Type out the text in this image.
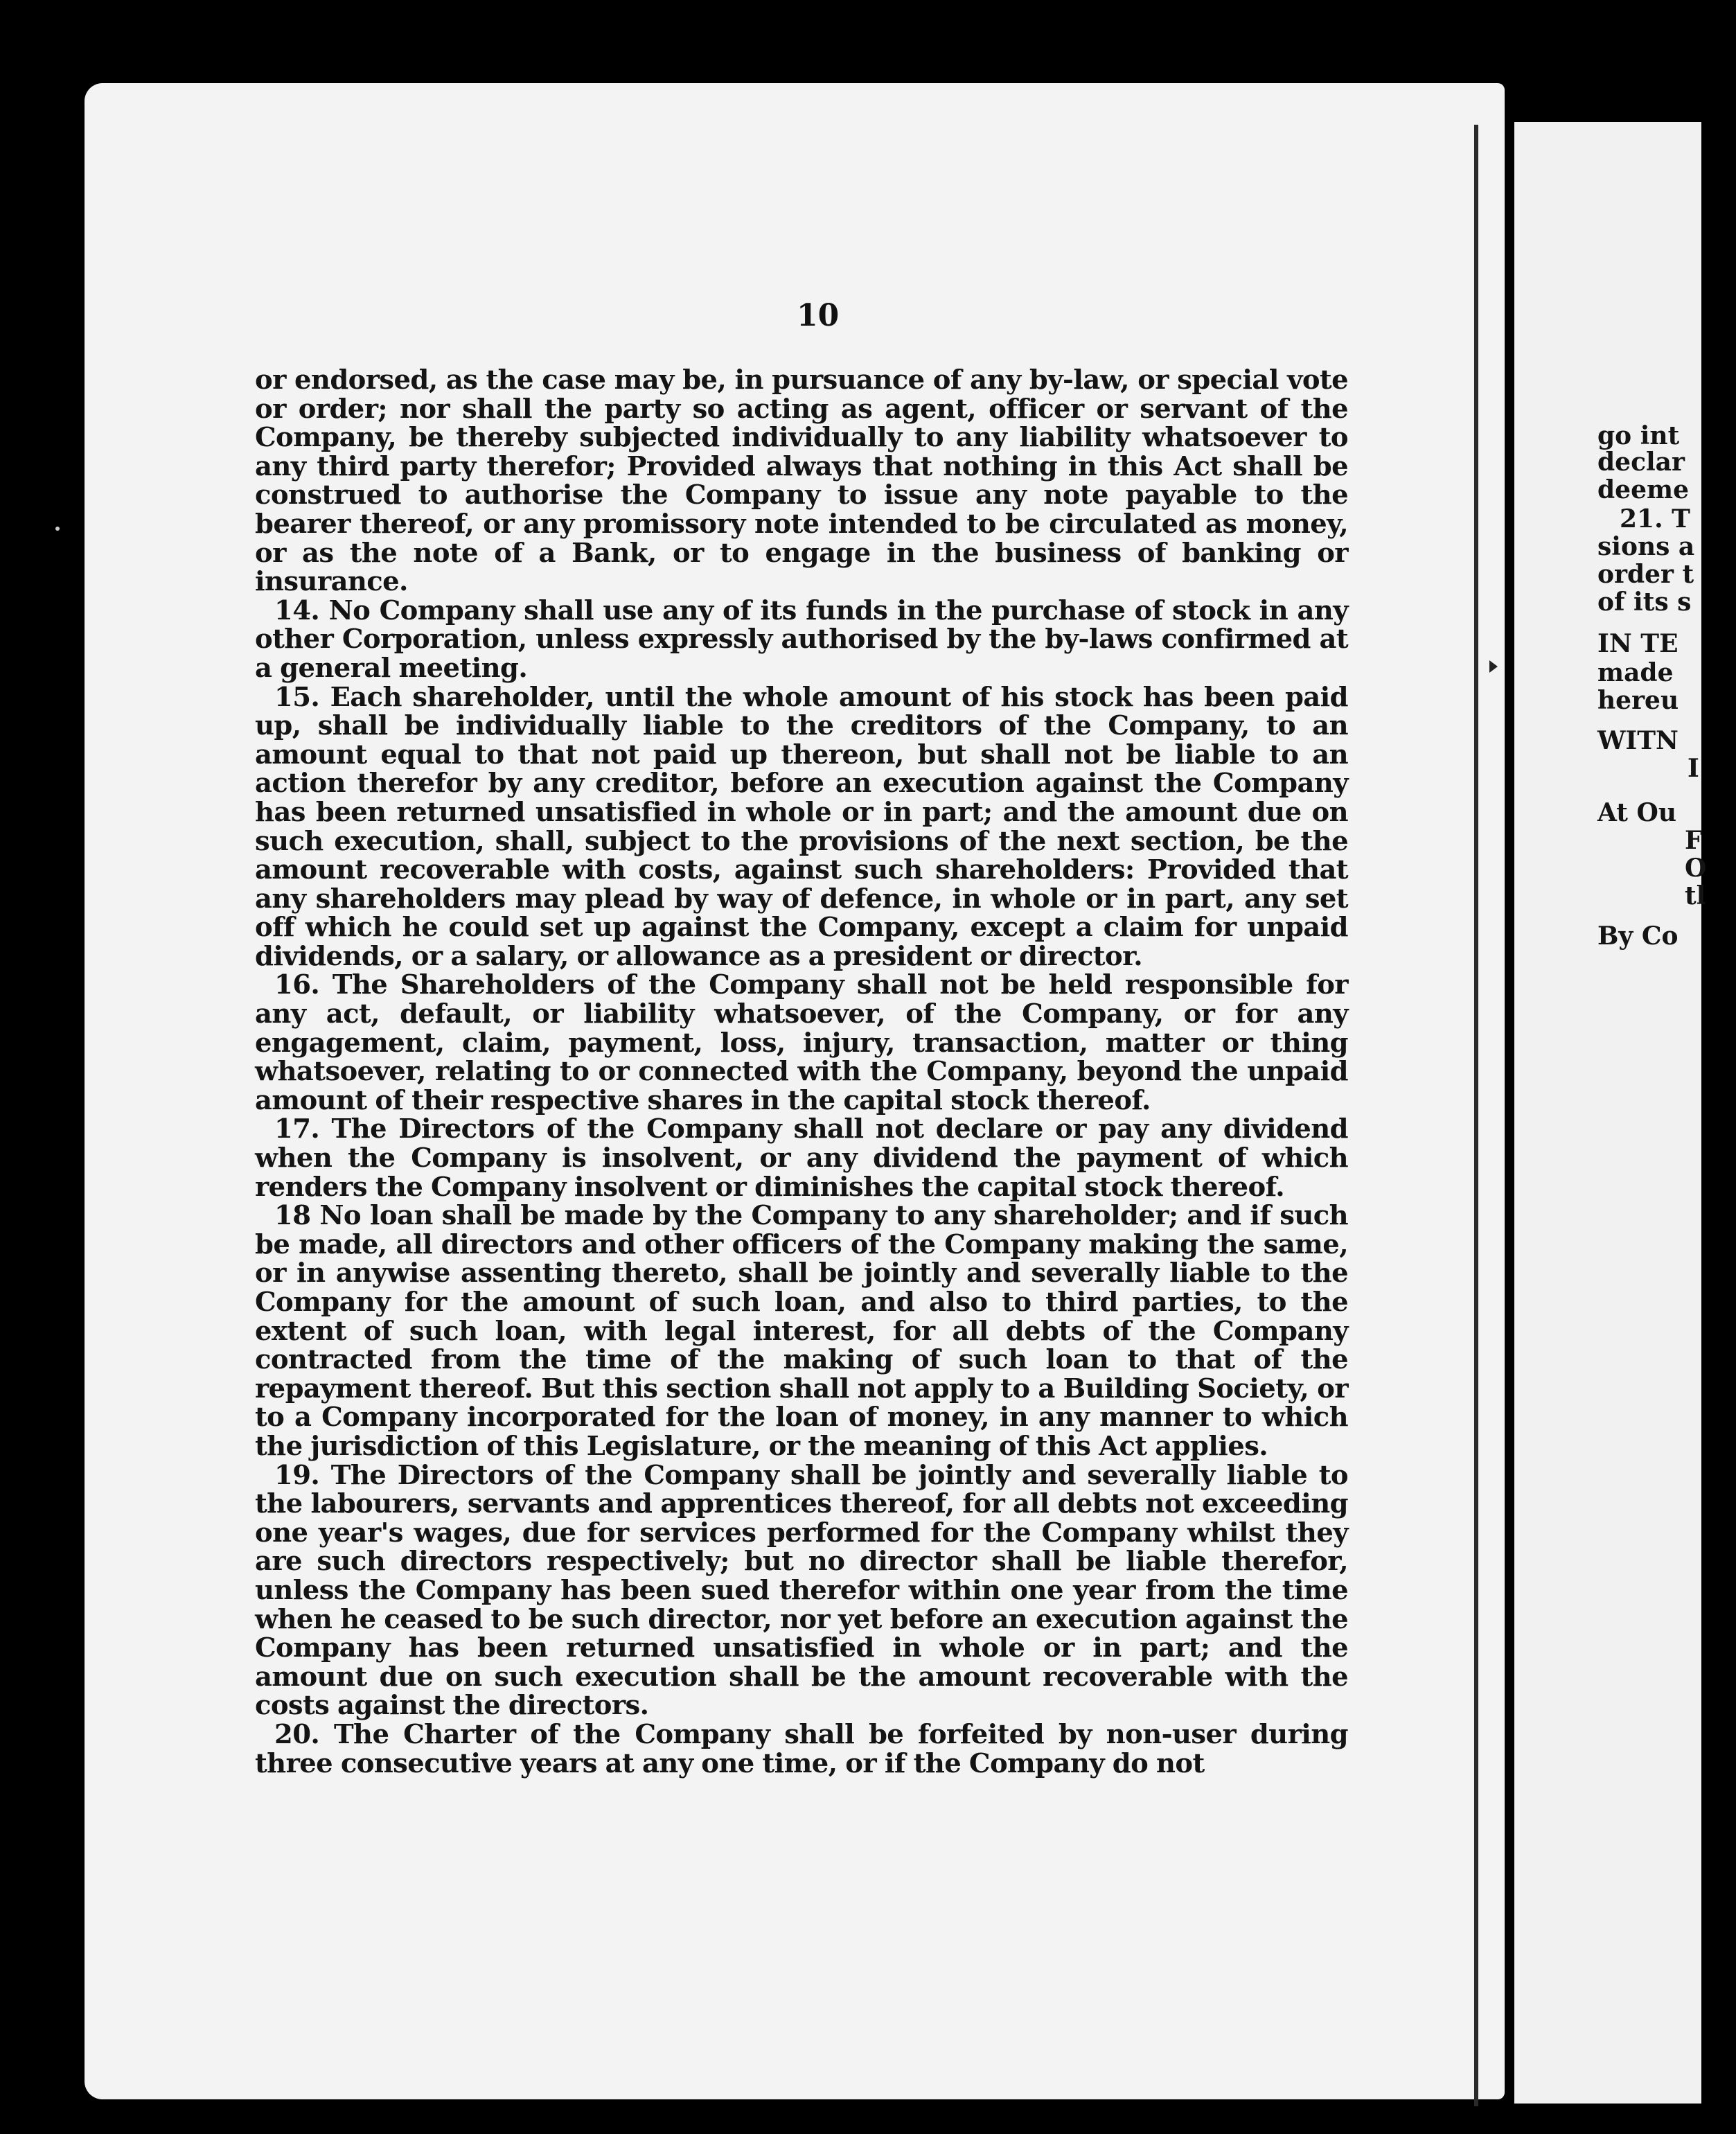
10

or endorsed, as the case may be, in pursuance of any by-law, or special vote or order; nor shall the party so acting as agent, officer or servant of the Company, be thereby subjected individually to any liability whatsoever to any third party therefor; Provided always that nothing in this Act shall be construed to authorise the Company to issue any note payable to the bearer thereof, or any promissory note intended to be circulated as money, or as the note of a Bank, or to engage in the business of banking or insurance.

14. No Company shall use any of its funds in the purchase of stock in any other Corporation, unless expressly authorised by the by-laws confirmed at a general meeting.

15. Each shareholder, until the whole amount of his stock has been paid up, shall be individually liable to the creditors of the Company, to an amount equal to that not paid up thereon, but shall not be liable to an action therefor by any creditor, before an execution against the Company has been returned unsatisfied in whole or in part; and the amount due on such execution, shall, subject to the provisions of the next section, be the amount recoverable with costs, against such shareholders: Provided that any shareholders may plead by way of defence, in whole or in part, any set off which he could set up against the Company, except a claim for unpaid dividends, or a salary, or allowance as a president or director.

16. The Shareholders of the Company shall not be held responsible for any act, default, or liability whatsoever, of the Company, or for any engagement, claim, payment, loss, injury, transaction, matter or thing whatsoever, relating to or connected with the Company, beyond the unpaid amount of their respective shares in the capital stock thereof.

17. The Directors of the Company shall not declare or pay any dividend when the Company is insolvent, or any dividend the payment of which renders the Company insolvent or diminishes the capital stock thereof.

18 No loan shall be made by the Company to any shareholder; and if such be made, all directors and other officers of the Company making the same, or in anywise assenting thereto, shall be jointly and severally liable to the Company for the amount of such loan, and also to third parties, to the extent of such loan, with legal interest, for all debts of the Company contracted from the time of the making of such loan to that of the repayment thereof. But this section shall not apply to a Building Society, or to a Company incorporated for the loan of money, in any manner to which the jurisdiction of this Legislature, or the meaning of this Act applies.

19. The Directors of the Company shall be jointly and severally liable to the labourers, servants and apprentices thereof, for all debts not exceeding one year's wages, due for services performed for the Company whilst they are such directors respectively; but no director shall be liable therefor, unless the Company has been sued therefor within one year from the time when he ceased to be such director, nor yet before an execution against the Company has been returned unsatisfied in whole or in part; and the amount due on such execution shall be the amount recoverable with the costs against the directors.

20. The Charter of the Company shall be forfeited by non-user during three consecutive years at any one time, or if the Company do not

go int
declar
deeme
21. T
sions a
order t
of its s
IN TE
made
hereu
WITN
I
At Ou
F
O
tl
By Co
